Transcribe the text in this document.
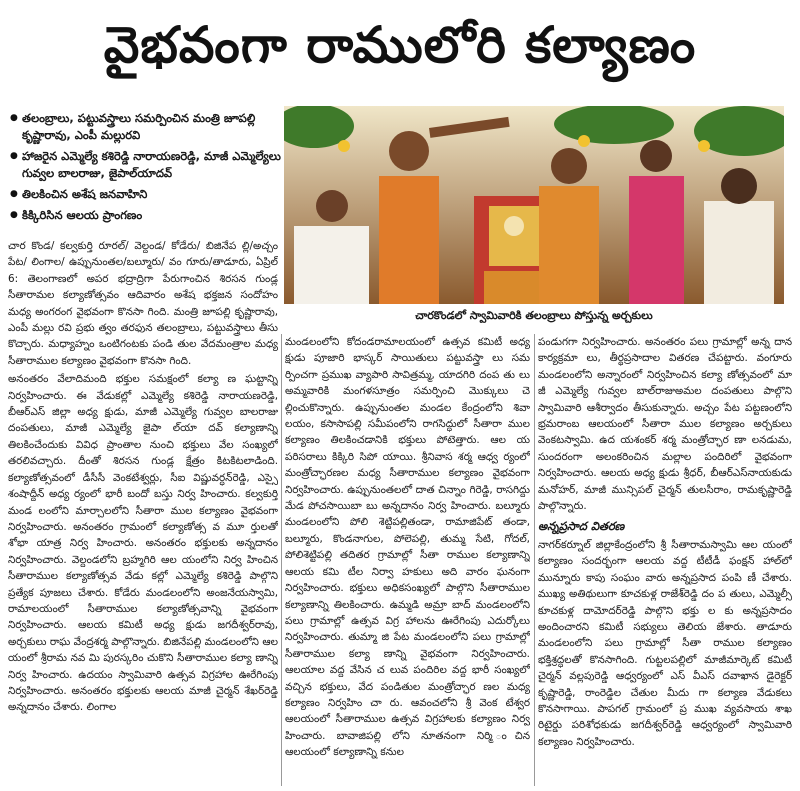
వైభవంగా రాములోరి కల్యాణం
● తలంబ్రాలు, పట్టువస్త్రాలు సమర్పించిన మంత్రి జూపల్లి కృష్ణారావు, ఎంపీ మల్లురవి
● హాజరైన ఎమ్మెల్యే కశిరెడ్డి నారాయణరెడ్డి, మాజీ ఎమ్మెల్యేలు గువ్వల బాలరాజు, జైపాల్‌యాదవ్
● తిలకించిన అశేష జనవాహిని
● కిక్కిరిసిన ఆలయ ప్రాంగణం
చారకొండలో స్వామివారికి తలంబ్రాలు పోస్తున్న అర్చకులు

చార కొండ/ కల్వకుర్తి రూరల్/ వెల్దండ/ కోడేరు/ బిజినేప ల్లి/అచ్చం పేట/ లింగాల/ ఉప్పునుంతల/బల్మూరు/ వం గూరు/తాడూరు, ఏప్రిల్ 6: తెలంగాణలో అపర భద్రాద్రిగా పేరుగాంచిన శిరసన గుండ్ల సీతారామల కల్యాణోత్సవం ఆదివారం అశేష భక్తజన సందోహం మధ్య అంగరంగ వైభవంగా కొనసా గింది. మంత్రి జూపల్లి కృష్ణారావు, ఎంపీ మల్లు రవి ప్రభు త్వం తరఫున తలంబ్రాలు, పట్టువస్త్రాలు తీసు కొచ్చారు. మధ్యాహ్నం ఒంటిగంటకు పండి తుల వేదమంత్రాల మధ్య సీతారాముల కల్యాణం వైభవంగా కొనసా గింది.

అనంతరం వేలాదిమంది భక్తుల సమక్షంలో కల్యా ణ ఘట్టాన్ని నిర్వహించారు. ఈ వేడుకల్లో ఎమ్మెల్యే కశిరెడ్డి నారాయణరెడ్డి, బీఆర్ఎస్ జిల్లా అధ్య క్షుడు, మాజీ ఎమ్మెల్యే గువ్వల బాలరాజు దంపతులు, మాజీ ఎమ్మెల్యే జైపా ల్‌యా దవ్ కల్యాణాన్ని తిలకించేందుకు వివిధ ప్రాంతాల నుంచి భక్తులు వేల సంఖ్యలో తరలివచ్చారు. దీంతో శిరసన గుండ్ల క్షేత్రం కిటకిటలాడింది. కల్యాణోత్సవంలో డీసీసీ వెంకటేశ్వర్లు, సీఐ విష్ణువర్ధన్‌రెడ్డి, ఎస్సై శంషాద్దీన్ అధ్య ర్యంలో భారీ బందో బస్తు నిర్వ హించారు. కల్వకుర్తి మండ లంలోని మార్చాలలోని సీతారా ముల కల్యాణం వైభవంగా నిర్వహించారు. అనంతరం గ్రామంలో కల్యాణోత్స వ మూ ర్తులతో శోభా యాత్ర నిర్వ హించారు. అనంతరం భక్తులకు అన్నదానం నిర్వహించారు. వెల్దండలోని బ్రహ్మగిరి ఆల యంలోని నిర్వ హించిన సీతారాముల కల్యాణోత్సవ వేడు కల్లో ఎమ్మెల్యే కశిరెడ్డి పాల్గొని ప్రత్యేక పూజలు చేశారు. కోడేరు మండలంలోని అంజనేయస్వామి, రామాలయంలో సీతారాముల కల్యాణోత్సవాన్ని వైభవంగా నిర్వహించారు. ఆలయ కమిటీ అధ్య క్షుడు జగదీశ్వర్‌రావు, అర్చకులు రాఘ వేంద్రశర్మ పాల్గొన్నారు. బిజినేపల్లి మండలంలోని ఆల యంలో శ్రీరామ నవ మి పురస్కరిం చుకొని సీతారాముల కల్యా ణాన్ని నిర్వ హించారు. ఉదయం స్వామివారి ఉత్సవ విగ్రహాల ఊరేగింపు నిర్వహించారు. అనంతరం భక్తులకు ఆలయ మాజీ చైర్మన్ శేఖర్‌రెడ్డి అన్నదానం చేశారు. లింగాల

మండలంలోని కోదండరామాలయంలో ఉత్సవ కమిటీ అధ్య క్షుడు పూజారి భాస్కర్ సాయితులు పట్టువస్త్రా లు సమ ర్పించగా ప్రముఖ వ్యాపారి సావిత్రమ్మ, యాదగిరి దంప తు లు అమ్మవారికి మంగళసూత్రం సమర్పించి మొక్కులు చె ల్లించుకొన్నారు. ఉప్పునుంతల మండల కేంద్రంలోని శివా లయం, కసాసాపల్లి సమీపంలోని రాగసిద్ధులో సీతారా ముల కల్యాణం తిలకించడానికి భక్తులు పోటెత్తారు. ఆల య పరిసరాలు కిక్కిరి సిపో యాయి. శ్రీనివాస శర్మ ఆధ్వ ర్యంలో మంత్రోచ్ఛారణల మధ్య సీతారాముల కల్యాణం వైభవంగా నిర్వహించారు. ఉప్పునుంతలలో దాత చిన్నాం గిరెడ్డి, రాసగిద్దు మేడ పోచసాయిబా బు అన్నదానం నిర్వ హించారు. బల్మూరు మండలంలోని పోలి శెట్టిపల్లితండా, రామాజిపేట్ తండా, బల్మూరు, కొండనాగుల, పోలెపల్లి, తుమ్మ సేటి, గోదల్, పోలిశెట్టిపల్లి తదితర గ్రామాల్లో సీతా రాముల కల్యాణాన్ని ఆలయ కమి టీల నిర్వా హకులు అది వారం ఘనంగా నిర్వహించారు. భక్తులు అధికసంఖ్యలో పాల్గొని సీతారాముల కల్యాణాన్ని తిలకించారు. ఉమ్మడి అమ్రా బాద్ మండలంలోని పలు గ్రామాల్లో ఉత్సవ విగ్ర హాలను ఊరేగింపు ఎదుర్కోలు నిర్వహించారు. తుమ్మా జి పేట మండలంలోని పలు గ్రామాల్లో సీతారాముల కల్యా ణాన్ని వైభవంగా నిర్వహించారు. ఆలయాల వద్ద వేసిన చ లువ పందిరిల వద్ద భారీ సంఖ్యలో వచ్చిన భక్తులు, వేద పండితుల మంత్రోచ్ఛార ణల మధ్య కల్యాణం నిర్వహిం చా రు. ఆవంచలోని శ్రీ వెంక టేశ్వర ఆలయంలో సీతారాముల ఉత్సవ విగ్రహాలకు కల్యాణం నిర్వ హించారు. బావాజిపల్లి లోని నూతనంగా నిర్మి ంచిన ఆలయంలో కల్యాణాన్ని కనుల

పండుగగా నిర్వహించారు. అనంతరం పలు గ్రామాల్లో అన్న దాన కార్యక్రమా లు, తీర్థప్రసాదాల వితరణ చేపట్టారు. వంగూరు మండలంలోని అన్నారంలో నిర్వహించిన కల్యా ణోత్సవంలో మా జీ ఎమ్మెల్యే గువ్వల బాల్‌రాజు‌అమల దంపతులు పాల్గొని స్వామివారి ఆశీర్వాదం తీసుకున్నారు. అచ్చం పేట పట్టణంలోని భ్రమరాంబ ఆలయంలో సీతారా ముల కల్యాణం అర్చకులు వెంకటస్వామి. ఉద యశంకర్ శర్మ మంత్రోచ్ఛార ణా లనడుమ, సుందరంగా అలంకరించిన మల్లాల పందిరిలో వైభవంగా నిర్వహించారు. ఆలయ అధ్య క్షుడు శ్రీధర్, బీఆర్ఎస్‌నాయకుడు మనోహర్, మాజీ మున్సిపల్ చైర్మన్ తులసీరాం, రామకృష్ణారెడ్డి పాల్గొన్నారు.

అన్నప్రసాద వితరణ

నాగర్‌కర్నూల్ జిల్లాకేంద్రంలోని శ్రీ సీతారామస్వామి ఆల యంలో కల్యాణం సందర్భంగా ఆలయ వద్ద టీటీడీ ఫంక్షన్ హాల్‌లో మున్నూరు కాపు సంఘం వారు అన్నప్రసాద పంపి ణీ చేశారు. ముఖ్య అతిథులుగా కూచకుళ్ల రాజేశ్‌రెడ్డి దం ప తులు, ఎమ్మెల్సీ కూచకుళ్ల దామోదర్‌రెడ్డి పాల్గొని భక్తు ల కు అన్నప్రసాదం అందించారని కమిటీ సభ్యులు తెలియ జేశారు. తాడూరు మండలంలోని పలు గ్రామాల్లో సీతా రాముల కల్యాణం భక్తిశ్రద్ధలతో కొనసాగింది. గుట్టలపల్లిలో మాజీమార్కెట్ కమిటీ చైర్మన్ వల్లపురెడ్డి ఆధ్వర్యంలో ఎస్ వీఎస్ దవాఖాన డైరెక్టర్ కృష్ణారెడ్డి, రాంరెడ్డిల చేతుల మీదు గా కల్యాణ వేడుకలు కొనసాగాయి. పాపగల్ గ్రామంలో ప్ర ముఖ వ్యవసాయ శాఖ రిటైర్డు పరిశోధకుడు జగదీశ్వర్‌రెడ్డి ఆధ్వర్యంలో స్వామివారి కల్యాణం నిర్వహించారు.
